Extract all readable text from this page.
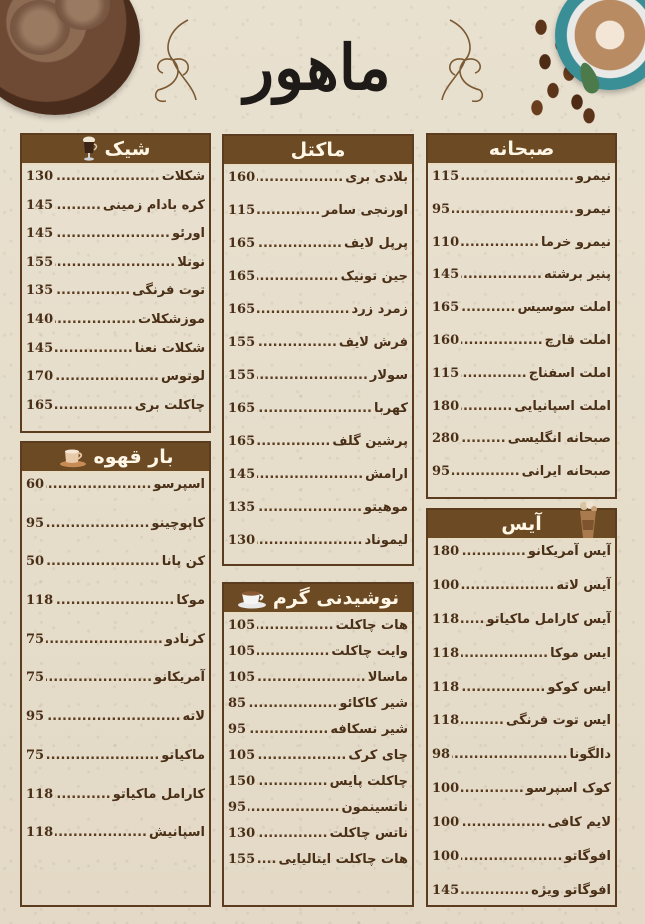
ماهور
صبحانه
نیمرو
.....
115
نیمرو
.....
95
نیمرو خرما
.....
110
پنیر برشته
.....
145
املت سوسیس
.....
165
املت قارچ
.....
160
املت اسفناج
.....
115
املت اسپانیایی
.....
180
صبحانه انگلیسی
.....
280
صبحانه ایرانی
.....
95
آیس
آیس آمریکانو
.....
180
آیس لاته
.....
100
آیس کارامل ماکیاتو
.....
118
ایس موکا
.....
118
ایس کوکو
.....
118
ایس توت فرنگی
.....
118
دالگونا
.....
98
کوک اسپرسو
.....
100
لایم کافی
.....
100
افوگاتو
.....
100
افوگاتو ویژه
.....
145
ماکتل
بلادی بری
.....
160
اورنجی سامر
.....
115
پرپل لایف
.....
165
جین تونیک
.....
165
زمرد زرد
.....
165
فرش لایف
.....
155
سولار
.....
155
کهربا
.....
165
پرشین گلف
.....
165
ارامش
.....
145
موهیتو
.....
135
لیموناد
.....
130
نوشیدنی گرم
هات چاکلت
.....
105
وایت چاکلت
.....
105
ماسالا
.....
105
شیر کاکائو
.....
85
شیر نسکافه
.....
95
چای کرک
.....
105
چاکلت پایس
.....
150
ناتسینمون
.....
95
ناتس چاکلت
.....
130
هات چاکلت ایتالیایی
.....
155
شیک
شکلات
.....
130
کره بادام زمینی
.....
145
اورئو
.....
145
نوتلا
.....
155
توت فرنگی
.....
135
موزشکلات
.....
140
شکلات نعنا
.....
145
لوتوس
.....
170
چاکلت بری
.....
165
بار قهوه
اسپرسو
.....
60
کاپوچینو
.....
95
کن پانا
.....
50
موکا
.....
118
کرنادو
.....
75
آمریکانو
.....
75
لاته
.....
95
ماکیاتو
.....
75
کارامل ماکیاتو
.....
118
اسپانیش
.....
118
